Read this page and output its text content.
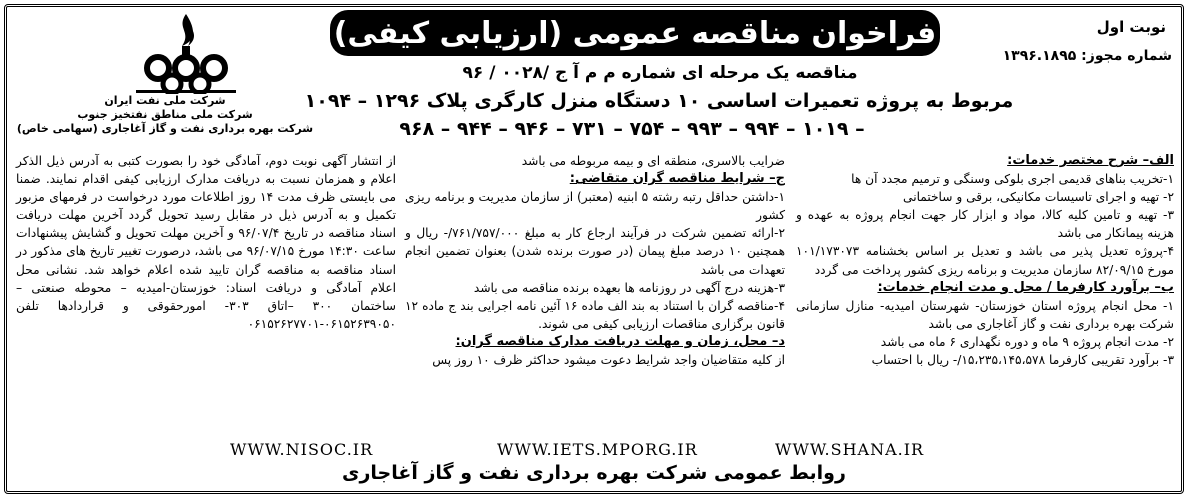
شرکت ملی نفت ایران
شرکت ملی مناطق نفتخیز جنوب
شرکت بهره برداری نفت و گاز آغاجاری (سهامی خاص)
فراخوان مناقصه عمومی (ارزیابی کیفی)	نوبت اول
شماره مجوز: ۱۳۹۶.۱۸۹۵
مناقصه یک مرحله ای شماره م م آ ج /۰۰۲۸ / ۹۶
مربوط به پروژه تعمیرات اساسی ۱۰ دستگاه منزل کارگری پلاک ۱۲۹۶ – ۱۰۹۴
– ۱۰۱۹ – ۹۹۴ – ۹۹۳ – ۷۵۴ – ۷۳۱ – ۹۴۶ – ۹۴۴ – ۹۶۸

الف– شرح مختصر خدمات:

۱-تخریب بناهای قدیمی اجری بلوکی وسنگی و ترمیم مجدد آن ها

۲- تهیه و اجرای تاسیسات مکانیکی، برقی و ساختمانی

۳- تهیه و تامین کلیه کالا، مواد و ابزار کار جهت انجام پروژه به عهده و هزینه پیمانکار می باشد

۴-پروژه تعدیل پذیر می باشد و تعدیل بر اساس بخشنامه ۱۰۱/۱۷۳۰۷۳ مورخ ۸۲/۰۹/۱۵ سازمان مدیریت و برنامه ریزی کشور پرداخت می گردد

ب– برآورد کارفرما / محل و مدت انجام خدمات:

۱- محل انجام پروژه استان خوزستان- شهرستان امیدیه- منازل سازمانی شرکت بهره برداری نفت و گاز آغاجاری می باشد

۲- مدت انجام پروژه ۹ ماه و دوره نگهداری ۶ ماه می باشد

۳- برآورد تقریبی کارفرما ۱۵،۲۳۵،۱۴۵،۵۷۸/- ریال با احتساب

ضرایب بالاسری، منطقه ای و بیمه مربوطه می باشد

ج– شرایط مناقصه گران متقاضی:

۱-داشتن حداقل رتبه رشته ۵ ابنیه (معتبر) از سازمان مدیریت و برنامه ریزی کشور

۲-ارائه تضمین شرکت در فرآیند ارجاع کار به مبلغ ۷۶۱/۷۵۷/۰۰۰/- ریال و همچنین ۱۰ درصد مبلغ پیمان (در صورت برنده شدن) بعنوان تضمین انجام تعهدات می باشد

۳-هزینه درج آگهی در روزنامه ها بعهده برنده مناقصه می باشد

۴-مناقصه گران با استناد به بند الف ماده ۱۶ آئین نامه اجرایی بند ج ماده ۱۲ قانون برگزاری مناقصات ارزیابی کیفی می شوند.

د– محل، زمان و مهلت دریافت مدارک مناقصه گران:

از کلیه متقاضیان واجد شرایط دعوت میشود حداکثر ظرف ۱۰ روز پس

از انتشار آگهی نوبت دوم، آمادگی خود را بصورت کتبی به آدرس ذیل الذکر اعلام و همزمان نسبت به دریافت مدارک ارزیابی کیفی اقدام نمایند. ضمنا می بایستی ظرف مدت ۱۴ روز اطلاعات مورد درخواست در فرمهای مزبور تکمیل و به آدرس ذیل در مقابل رسید تحویل گردد آخرین مهلت دریافت اسناد مناقصه در تاریخ ۹۶/۰۷/۴ و آخرین مهلت تحویل و گشایش پیشنهادات ساعت ۱۴:۳۰ مورخ ۹۶/۰۷/۱۵ می باشد، درصورت تغییر تاریخ های مذکور در اسناد مناقصه به مناقصه گران تایید شده اعلام خواهد شد. نشانی محل اعلام آمادگی و دریافت اسناد: خوزستان-امیدیه – محوطه صنعتی – ساختمان ۳۰۰ –اتاق ۳۰۳- امورحقوقی و قراردادها تلفن ۰۶۱۵۲۶۳۹۰۵۰-۰۶۱۵۲۶۲۷۷۰۱

WWW.NISOC.IR	WWW.IETS.MPORG.IR	WWW.SHANA.IR
روابط عمومی شرکت بهره برداری نفت و گاز آغاجاری
